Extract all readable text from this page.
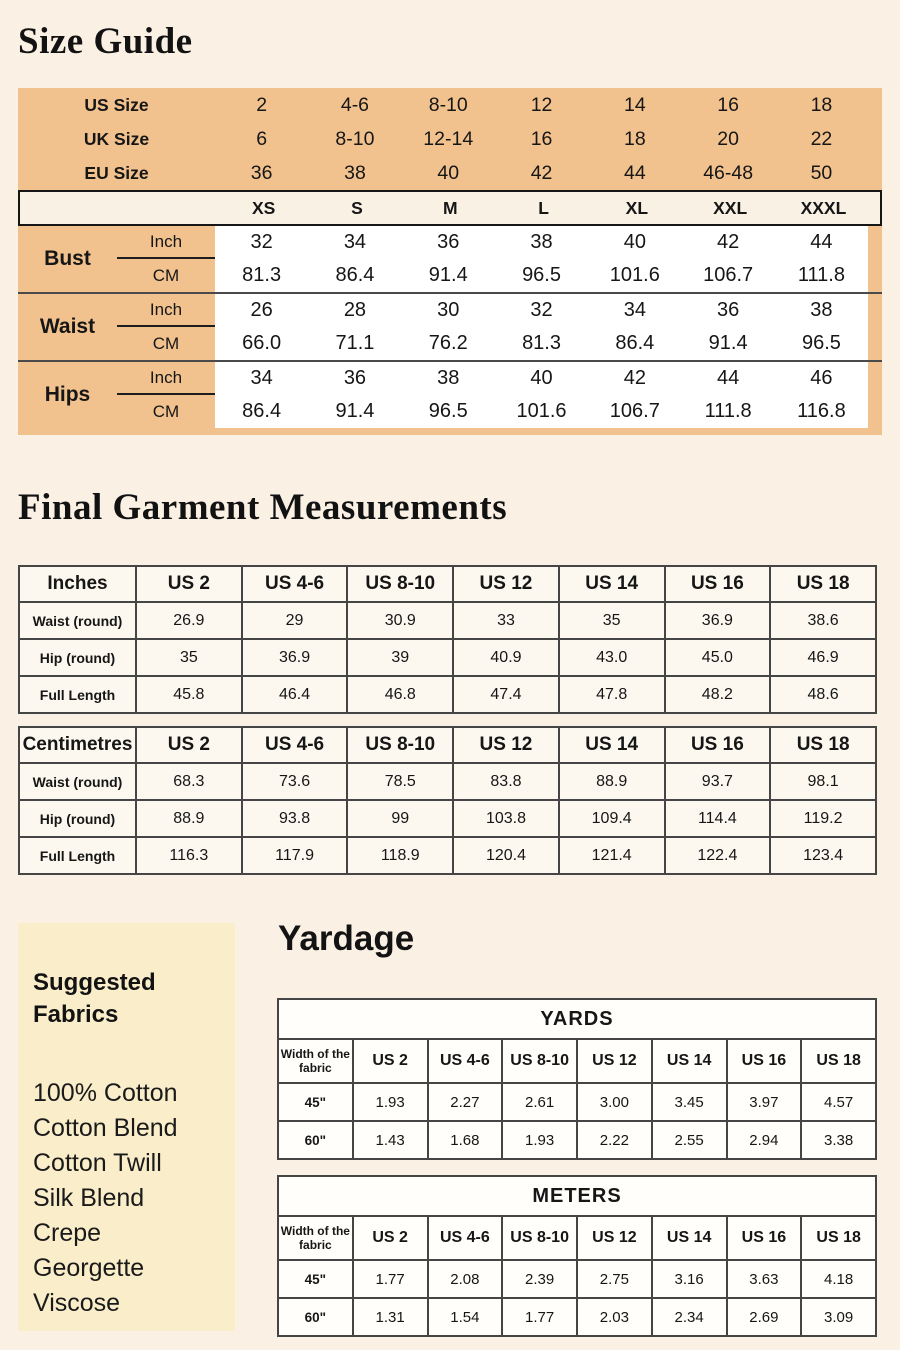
Size Guide
US Size	2	4-6	8-10	12	14	16	18
UK Size	6	8-10	12-14	16	18	20	22
EU Size	36	38	40	42	44	46-48	50
XS	S	M	L	XL	XXL	XXXL
Bust
Inch	32	34	36	38	40	42	44
CM	81.3	86.4	91.4	96.5	101.6	106.7	111.8
Waist
Inch	26	28	30	32	34	36	38
CM	66.0	71.1	76.2	81.3	86.4	91.4	96.5
Hips
Inch	34	36	38	40	42	44	46
CM	86.4	91.4	96.5	101.6	106.7	111.8	116.8
Final Garment Measurements
Inches	US 2	US 4-6	US 8-10	US 12	US 14	US 16	US 18
Waist (round)	26.9	29	30.9	33	35	36.9	38.6
Hip (round)	35	36.9	39	40.9	43.0	45.0	46.9
Full Length	45.8	46.4	46.8	47.4	47.8	48.2	48.6
Centimetres	US 2	US 4-6	US 8-10	US 12	US 14	US 16	US 18
Waist (round)	68.3	73.6	78.5	83.8	88.9	93.7	98.1
Hip (round)	88.9	93.8	99	103.8	109.4	114.4	119.2
Full Length	116.3	117.9	118.9	120.4	121.4	122.4	123.4
Suggested Fabrics
100% Cotton
Cotton Blend
Cotton Twill
Silk Blend
Crepe
Georgette
Viscose
Yardage
YARDS							
Width of the fabric	US 2	US 4-6	US 8-10	US 12	US 14	US 16	US 18
45"	1.93	2.27	2.61	3.00	3.45	3.97	4.57
60"	1.43	1.68	1.93	2.22	2.55	2.94	3.38
METERS							
Width of the fabric	US 2	US 4-6	US 8-10	US 12	US 14	US 16	US 18
45"	1.77	2.08	2.39	2.75	3.16	3.63	4.18
60"	1.31	1.54	1.77	2.03	2.34	2.69	3.09
